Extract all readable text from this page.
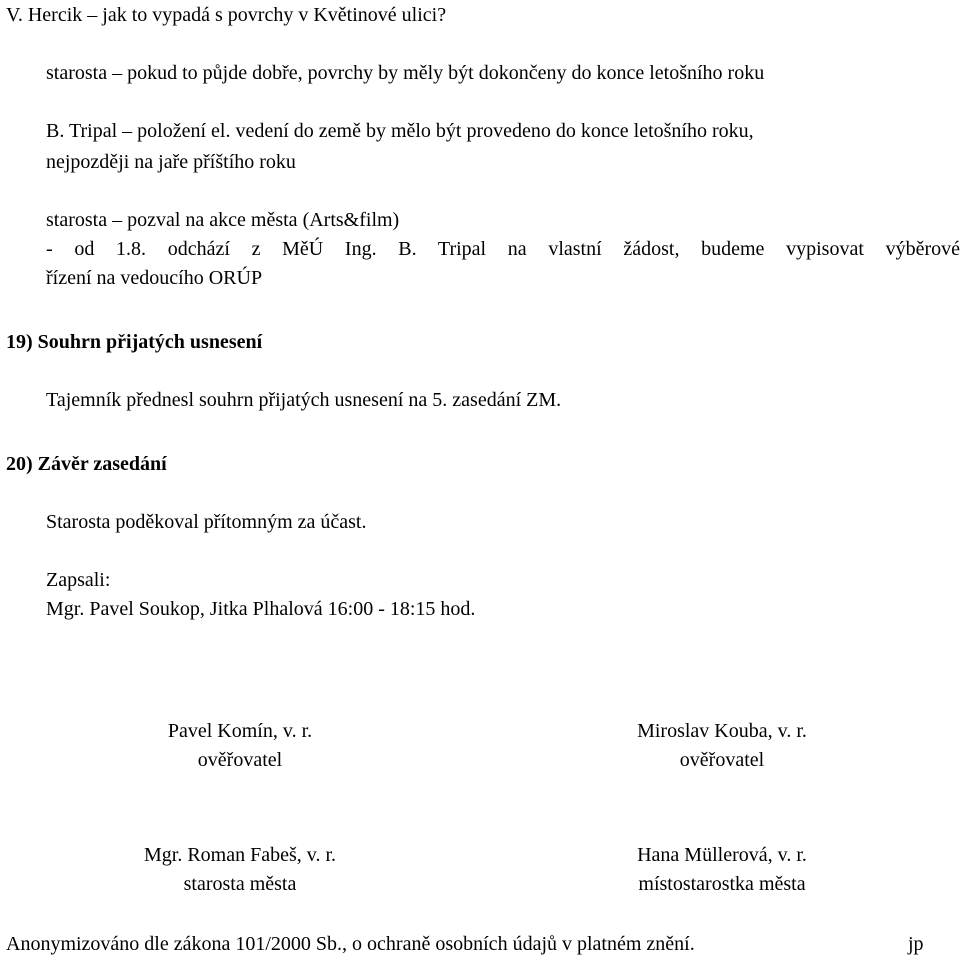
V. Hercik – jak to vypadá s povrchy v Květinové ulici?
starosta – pokud to půjde dobře, povrchy by měly být dokončeny do konce letošního roku
B. Tripal – položení el. vedení do země by mělo být provedeno do konce letošního roku,
nejpozději na jaře příštího roku
starosta – pozval na akce města (Arts&film)
- od 1.8. odchází z MěÚ Ing. B. Tripal na vlastní žádost, budeme vypisovat výběrové
řízení na vedoucího ORÚP
19) Souhrn přijatých usnesení
Tajemník přednesl souhrn přijatých usnesení na 5. zasedání ZM.
20) Závěr zasedání
Starosta poděkoval přítomným za účast.
Zapsali:
Mgr. Pavel Soukop, Jitka Plhalová 16:00 - 18:15 hod.
Pavel Komín, v. r.
ověřovatel
Miroslav Kouba, v. r.
ověřovatel
Mgr. Roman Fabeš, v. r.
starosta města
Hana Müllerová, v. r.
místostarostka města
Anonymizováno dle zákona 101/2000 Sb., o ochraně osobních údajů v platném znění.	jp
